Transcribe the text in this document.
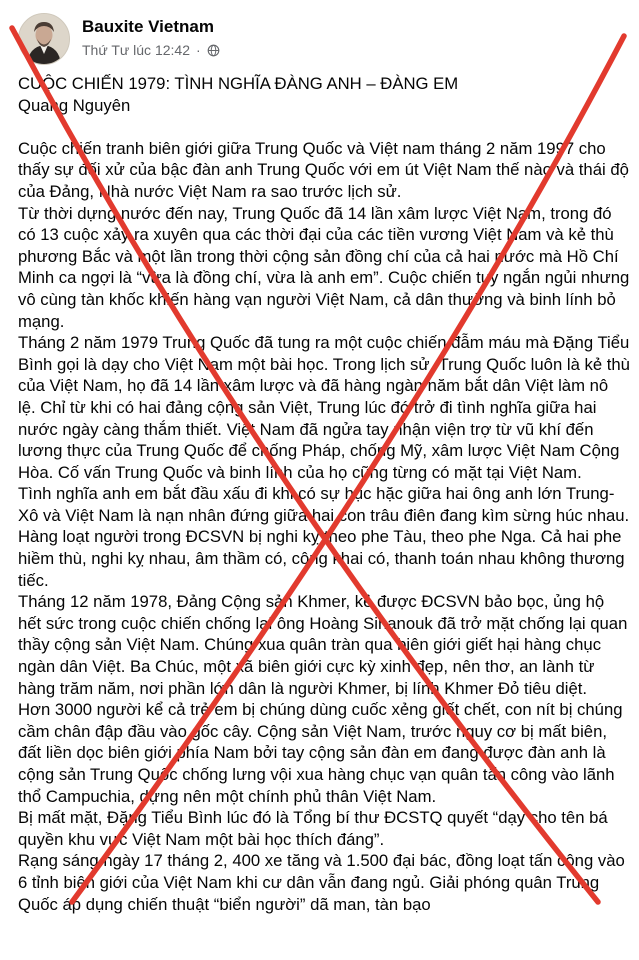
Bauxite Vietnam
Thứ Tư lúc 12:42 ·

CUỘC CHIẾN 1979: TÌNH NGHĨA ĐÀNG ANH – ĐÀNG EM

Quang Nguyên

Cuộc chiến tranh biên giới giữa Trung Quốc và Việt nam tháng 2 năm 1997 cho thấy sự đối xử của bậc đàn anh Trung Quốc với em út Việt Nam thế nào và thái độ của Đảng, Nhà nước Việt Nam ra sao trước lịch sử.

Từ thời dựng nước đến nay, Trung Quốc đã 14 lần xâm lược Việt Nam, trong đó có 13 cuộc xảy ra xuyên qua các thời đại của các tiền vương Việt Nam và kẻ thù phương Bắc và một lần trong thời cộng sản đồng chí của cả hai nước mà Hồ Chí Minh ca ngợi là “vừa là đồng chí, vừa là anh em”. Cuộc chiến tuy ngắn ngủi nhưng vô cùng tàn khốc khiến hàng vạn người Việt Nam, cả dân thường và binh lính bỏ mạng.

Tháng 2 năm 1979 Trung Quốc đã tung ra một cuộc chiến đẫm máu mà Đặng Tiểu Bình gọi là dạy cho Việt Nam một bài học. Trong lịch sử, Trung Quốc luôn là kẻ thù của Việt Nam, họ đã 14 lần xâm lược và đã hàng ngàn năm bắt dân Việt làm nô lệ. Chỉ từ khi có hai đảng cộng sản Việt, Trung lúc đó trở đi tình nghĩa giữa hai nước ngày càng thắm thiết. Việt Nam đã ngửa tay nhận viện trợ từ vũ khí đến lương thực của Trung Quốc để chống Pháp, chống Mỹ, xâm lược Việt Nam Cộng Hòa. Cố vấn Trung Quốc và binh lính của họ cũng từng có mặt tại Việt Nam.

Tình nghĩa anh em bắt đầu xấu đi khi có sự hục hặc giữa hai ông anh lớn Trung-Xô và Việt Nam là nạn nhân đứng giữa hai con trâu điên đang kìm sừng húc nhau. Hàng loạt người trong ĐCSVN bị nghi kỵ theo phe Tàu, theo phe Nga. Cả hai phe hiềm thù, nghi kỵ nhau, âm thầm có, công khai có, thanh toán nhau không thương tiếc.

Tháng 12 năm 1978, Đảng Cộng sản Khmer, kẻ được ĐCSVN bảo bọc, ủng hộ hết sức trong cuộc chiến chống lại ông Hoàng Sihanouk đã trở mặt chống lại quan thầy cộng sản Việt Nam. Chúng xua quân tràn qua biên giới giết hại hàng chục ngàn dân Việt. Ba Chúc, một xã biên giới cực kỳ xinh đẹp, nên thơ, an lành từ hàng trăm năm, nơi phần lớn dân là người Khmer, bị lính Khmer Đỏ tiêu diệt.

Hơn 3000 người kể cả trẻ em bị chúng dùng cuốc xẻng giết chết, con nít bị chúng cầm chân đập đầu vào gốc cây. Cộng sản Việt Nam, trước nguy cơ bị mất biên, đất liền dọc biên giới phía Nam bởi tay cộng sản đàn em đang được đàn anh là cộng sản Trung Quốc chống lưng vội xua hàng chục vạn quân tấn công vào lãnh thổ Campuchia, dựng nên một chính phủ thân Việt Nam.

Bị mất mặt, Đặng Tiểu Bình lúc đó là Tổng bí thư ĐCSTQ quyết “dạy cho tên bá quyền khu vực Việt Nam một bài học thích đáng”.

Rạng sáng ngày 17 tháng 2, 400 xe tăng và 1.500 đại bác, đồng loạt tấn công vào 6 tỉnh biên giới của Việt Nam khi cư dân vẫn đang ngủ. Giải phóng quân Trung Quốc áp dụng chiến thuật “biển người” dã man, tàn bạo
